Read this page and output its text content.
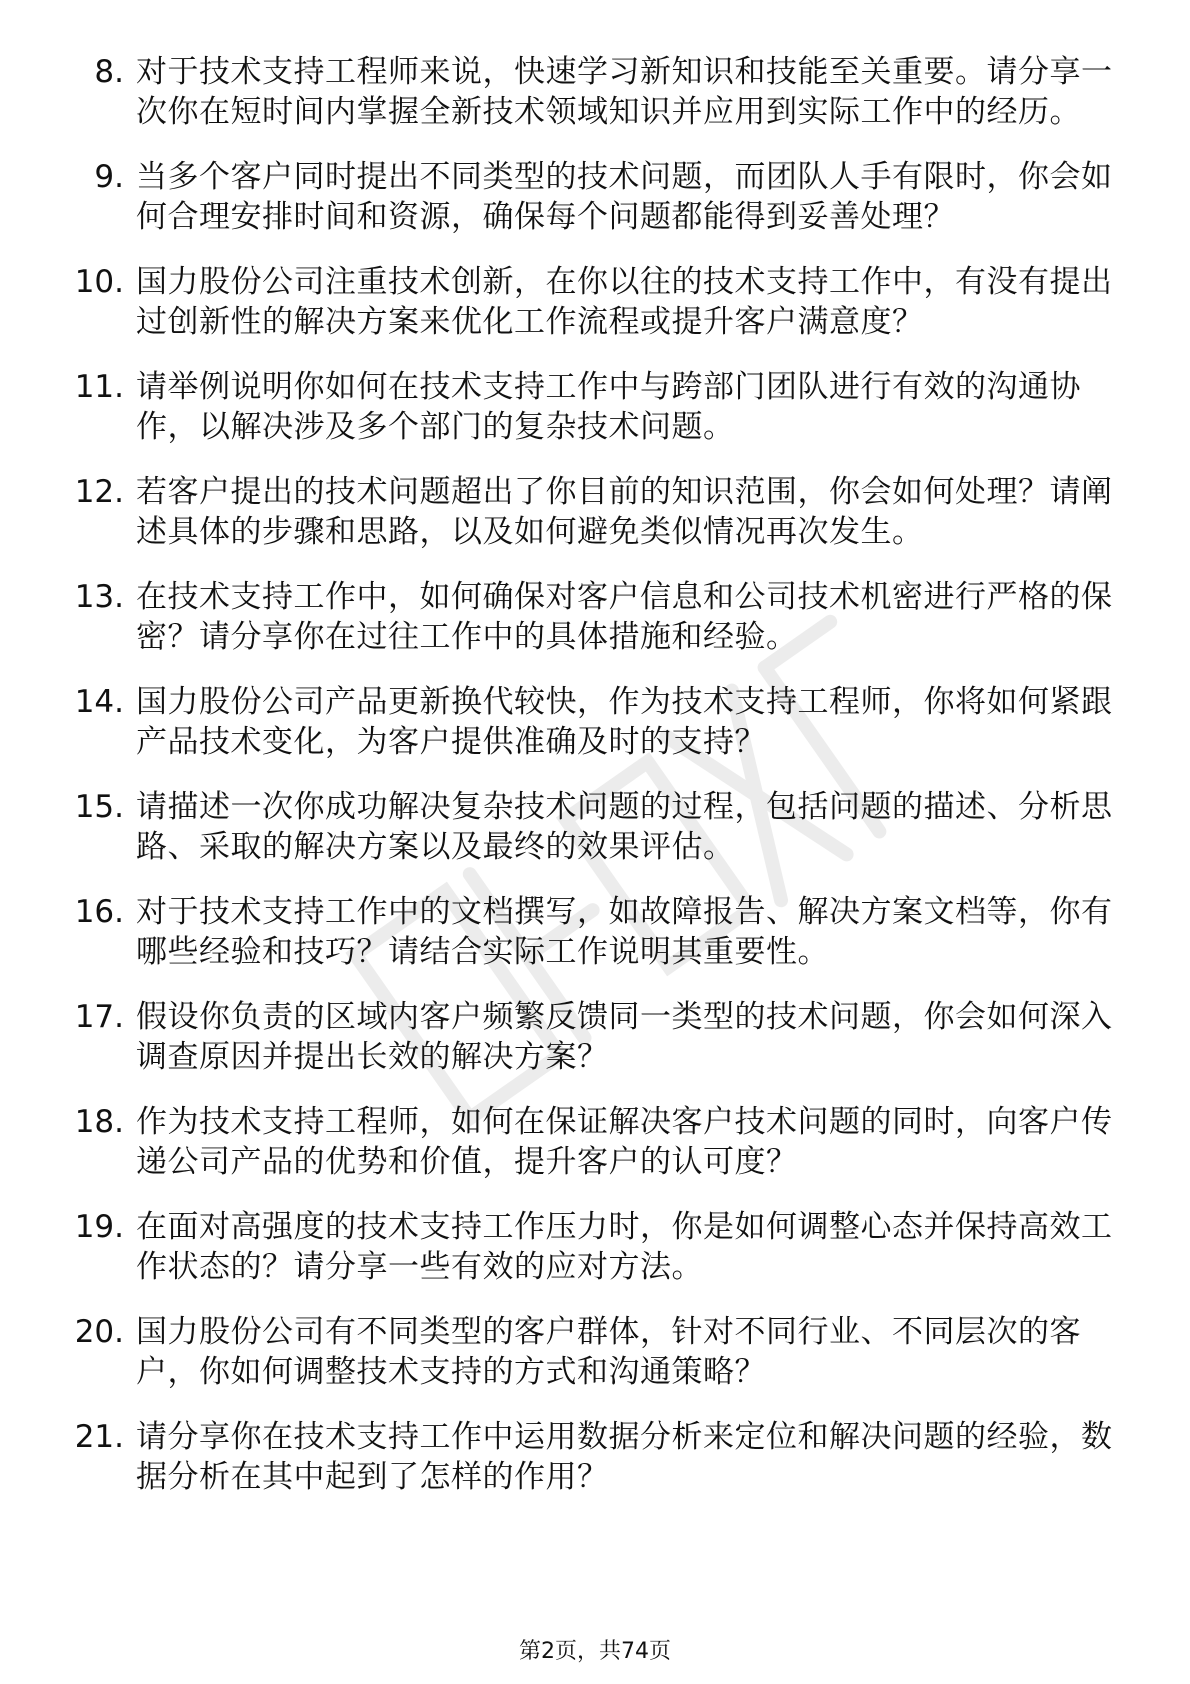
8. 对于技术支持工程师来说，快速学习新知识和技能至关重要。请分享一次你在短时间内掌握全新技术领域知识并应用到实际工作中的经历。
9. 当多个客户同时提出不同类型的技术问题，而团队人手有限时，你会如何合理安排时间和资源，确保每个问题都能得到妥善处理？
10. 国力股份公司注重技术创新，在你以往的技术支持工作中，有没有提出过创新性的解决方案来优化工作流程或提升客户满意度？
11. 请举例说明你如何在技术支持工作中与跨部门团队进行有效的沟通协作，以解决涉及多个部门的复杂技术问题。
12. 若客户提出的技术问题超出了你目前的知识范围，你会如何处理？请阐述具体的步骤和思路，以及如何避免类似情况再次发生。
13. 在技术支持工作中，如何确保对客户信息和公司技术机密进行严格的保密？请分享你在过往工作中的具体措施和经验。
14. 国力股份公司产品更新换代较快，作为技术支持工程师，你将如何紧跟产品技术变化，为客户提供准确及时的支持？
15. 请描述一次你成功解决复杂技术问题的过程，包括问题的描述、分析思路、采取的解决方案以及最终的效果评估。
16. 对于技术支持工作中的文档撰写，如故障报告、解决方案文档等，你有哪些经验和技巧？请结合实际工作说明其重要性。
17. 假设你负责的区域内客户频繁反馈同一类型的技术问题，你会如何深入调查原因并提出长效的解决方案？
18. 作为技术支持工程师，如何在保证解决客户技术问题的同时，向客户传递公司产品的优势和价值，提升客户的认可度？
19. 在面对高强度的技术支持工作压力时，你是如何调整心态并保持高效工作状态的？请分享一些有效的应对方法。
20. 国力股份公司有不同类型的客户群体，针对不同行业、不同层次的客户，你如何调整技术支持的方式和沟通策略？
21. 请分享你在技术支持工作中运用数据分析来定位和解决问题的经验，数据分析在其中起到了怎样的作用？
第2页，共74页
